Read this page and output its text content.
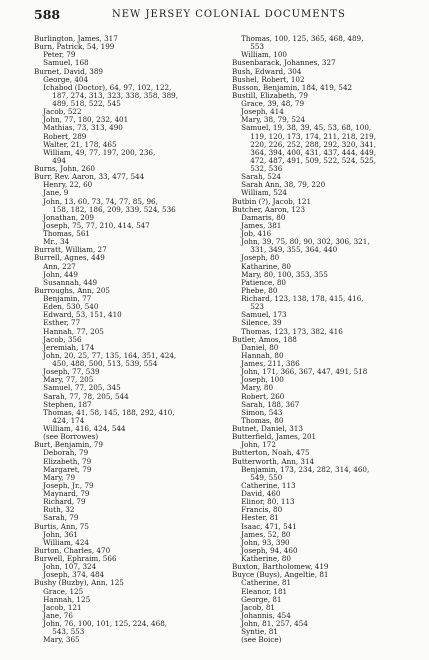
588	NEW JERSEY COLONIAL DOCUMENTS
Burlington, James, 317
Burn, Patrick, 54, 199
Peter, 79
Samuel, 168
Burnet, David, 389
George, 404
Ichabod (Doctor), 64, 97, 102, 122,
187, 274, 313, 323, 338, 358, 389,
489, 518, 522, 545
Jacob, 522
John, 77, 180, 232, 401
Mathias, 73, 313, 490
Robert, 289
Walter, 21, 178, 465
William, 49, 77, 197, 200, 236,
494
Burns, John, 260
Burr, Rev. Aaron, 33, 477, 544
Henry, 22, 60
Jane, 9
John, 13, 60, 73, 74, 77, 85, 96,
158, 182, 186, 209, 339, 524, 536
Jonathan, 209
Joseph, 75, 77, 210, 414, 547
Thomas, 561
Mr., 34
Burratt, William, 27
Burrell, Agnes, 449
Ann, 227
John, 449
Susannah, 449
Burroughs, Ann, 205
Benjamin, 77
Eden, 530, 540
Edward, 53, 151, 410
Esther, 77
Hannah, 77, 205
Jacob, 356
Jeremiah, 174
John, 20, 25, 77, 135, 164, 351, 424,
450, 488, 500, 513, 539, 554
Joseph, 77, 539
Mary, 77, 205
Samuel, 77, 205, 345
Sarah, 77, 78, 205, 544
Stephen, 187
Thomas, 41, 58, 145, 188, 292, 410,
424, 174
William, 416, 424, 544
(see Borrowes)
Burt, Benjamin, 79
Deborah, 79
Elizabeth, 79
Margaret, 79
Mary, 79
Joseph, Jr., 79
Maynard, 79
Richard, 79
Ruth, 32
Sarah, 79
Burtis, Ann, 75
John, 361
William, 424
Burton, Charles, 470
Burwell, Ephraim, 566
John, 107, 324
Joseph, 374, 484
Bushy (Buzby), Ann, 125
Grace, 125
Hannah, 125
Jacob, 121
Jane, 76
John, 76, 100, 101, 125, 224, 468,
543, 553
Mary, 365
Thomas, 100, 125, 365, 468, 489,
553
William, 100
Busenbarack, Johannes, 327
Bush, Edward, 304
Bushel, Robert, 102
Busson, Benjamin, 184, 419, 542
Bustill, Elizabeth, 79
Grace, 39, 48, 79
Joseph, 414
Mary, 38, 79, 524
Samuel, 19, 38, 39, 45, 53, 68, 100,
119, 120, 173, 174, 211, 218, 219,
220, 226, 252, 288, 292, 320, 341,
364, 394, 400, 431, 437, 444, 449,
472, 487, 491, 509, 522, 524, 525,
532, 536
Sarah, 524
Sarah Ann, 38, 79, 220
William, 524
Butbin (?), Jacob, 121
Butcher, Aaron, 123
Damaris, 80
James, 381
Job, 416
John, 39, 75, 80, 90, 302, 306, 321,
331, 349, 355, 364, 440
Joseph, 80
Katharine, 80
Mary, 80, 100, 353, 355
Patience, 80
Phebe, 80
Richard, 123, 138, 178, 415, 416,
523
Samuel, 173
Silence, 39
Thomas, 123, 173, 382, 416
Butler, Amos, 188
Daniel, 80
Hannah, 80
James, 211, 386
John, 171, 366, 367, 447, 491, 518
Joseph, 100
Mary, 80
Robert, 260
Sarah, 188, 367
Simon, 543
Thomas, 80
Butnet, Daniel, 313
Butterfield, James, 201
John, 172
Butterton, Noah, 475
Butterworth, Ann, 314
Benjamin, 173, 234, 282, 314, 460,
549, 550
Catherine, 113
David, 460
Elinor, 80, 113
Francis, 80
Hester, 81
Isaac, 471, 541
James, 52, 80
John, 93, 390
Joseph, 94, 460
Katherine, 80
Buxton, Bartholomew, 419
Buyce (Buys), Angeltie, 81
Catherine, 81
Eleanor, 181
George, 81
Jacob, 81
Johannis, 454
John, 81, 257, 454
Syntie, 81
(see Boice)
